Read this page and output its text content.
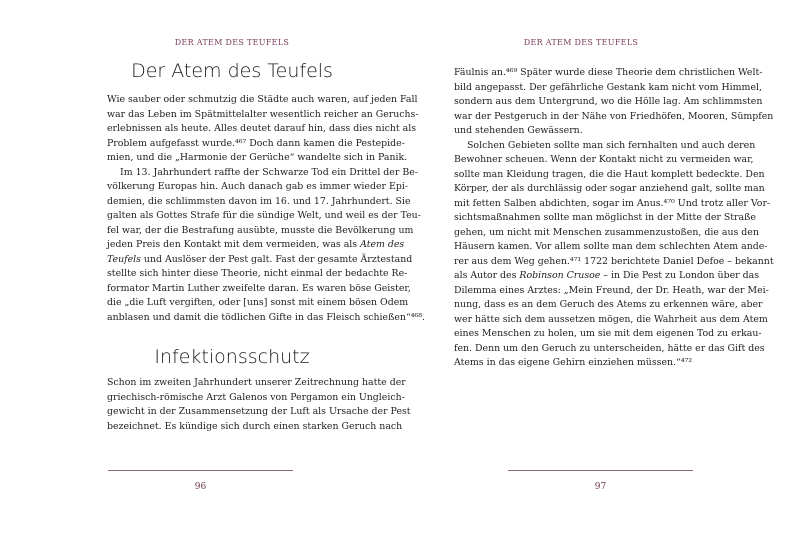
DER ATEM DES TEUFELS
Der Atem des Teufels
Wie sauber oder schmutzig die Städte auch waren, auf jeden Fall
war das Leben im Spätmittelalter wesentlich reicher an Geruchs-
erlebnissen als heute. Alles deutet darauf hin, dass dies nicht als
Problem aufgefasst wurde.⁴⁶⁷ Doch dann kamen die Pestepide-
mien, und die „Harmonie der Gerüche“ wandelte sich in Panik.
Im 13. Jahrhundert raffte der Schwarze Tod ein Drittel der Be-
völkerung Europas hin. Auch danach gab es immer wieder Epi-
demien, die schlimmsten davon im 16. und 17. Jahrhundert. Sie
galten als Gottes Strafe für die sündige Welt, und weil es der Teu-
fel war, der die Bestrafung ausübte, musste die Bevölkerung um
jeden Preis den Kontakt mit dem vermeiden, was als Atem des
Teufels und Auslöser der Pest galt. Fast der gesamte Ärztestand
stellte sich hinter diese Theorie, nicht einmal der bedachte Re-
formator Martin Luther zweifelte daran. Es waren böse Geister,
die „die Luft vergiften, oder [uns] sonst mit einem bösen Odem
anblasen und damit die tödlichen Gifte in das Fleisch schießen“⁴⁶⁸.
Infektionsschutz
Schon im zweiten Jahrhundert unserer Zeitrechnung hatte der
griechisch-römische Arzt Galenos von Pergamon ein Ungleich-
gewicht in der Zusammensetzung der Luft als Ursache der Pest
bezeichnet. Es kündige sich durch einen starken Geruch nach
96
DER ATEM DES TEUFELS
Fäulnis an.⁴⁶⁹ Später wurde diese Theorie dem christlichen Welt-
bild angepasst. Der gefährliche Gestank kam nicht vom Himmel,
sondern aus dem Untergrund, wo die Hölle lag. Am schlimmsten
war der Pestgeruch in der Nähe von Friedhöfen, Mooren, Sümpfen
und stehenden Gewässern.
Solchen Gebieten sollte man sich fernhalten und auch deren
Bewohner scheuen. Wenn der Kontakt nicht zu vermeiden war,
sollte man Kleidung tragen, die die Haut komplett bedeckte. Den
Körper, der als durchlässig oder sogar anziehend galt, sollte man
mit fetten Salben abdichten, sogar im Anus.⁴⁷⁰ Und trotz aller Vor-
sichtsmaßnahmen sollte man möglichst in der Mitte der Straße
gehen, um nicht mit Menschen zusammenzustoßen, die aus den
Häusern kamen. Vor allem sollte man dem schlechten Atem ande-
rer aus dem Weg gehen.⁴⁷¹ 1722 berichtete Daniel Defoe – bekannt
als Autor des Robinson Crusoe – in Die Pest zu London über das
Dilemma eines Arztes: „Mein Freund, der Dr. Heath, war der Mei-
nung, dass es an dem Geruch des Atems zu erkennen wäre, aber
wer hätte sich dem aussetzen mögen, die Wahrheit aus dem Atem
eines Menschen zu holen, um sie mit dem eigenen Tod zu erkau-
fen. Denn um den Geruch zu unterscheiden, hätte er das Gift des
Atems in das eigene Gehirn einziehen müssen.“⁴⁷²
97
